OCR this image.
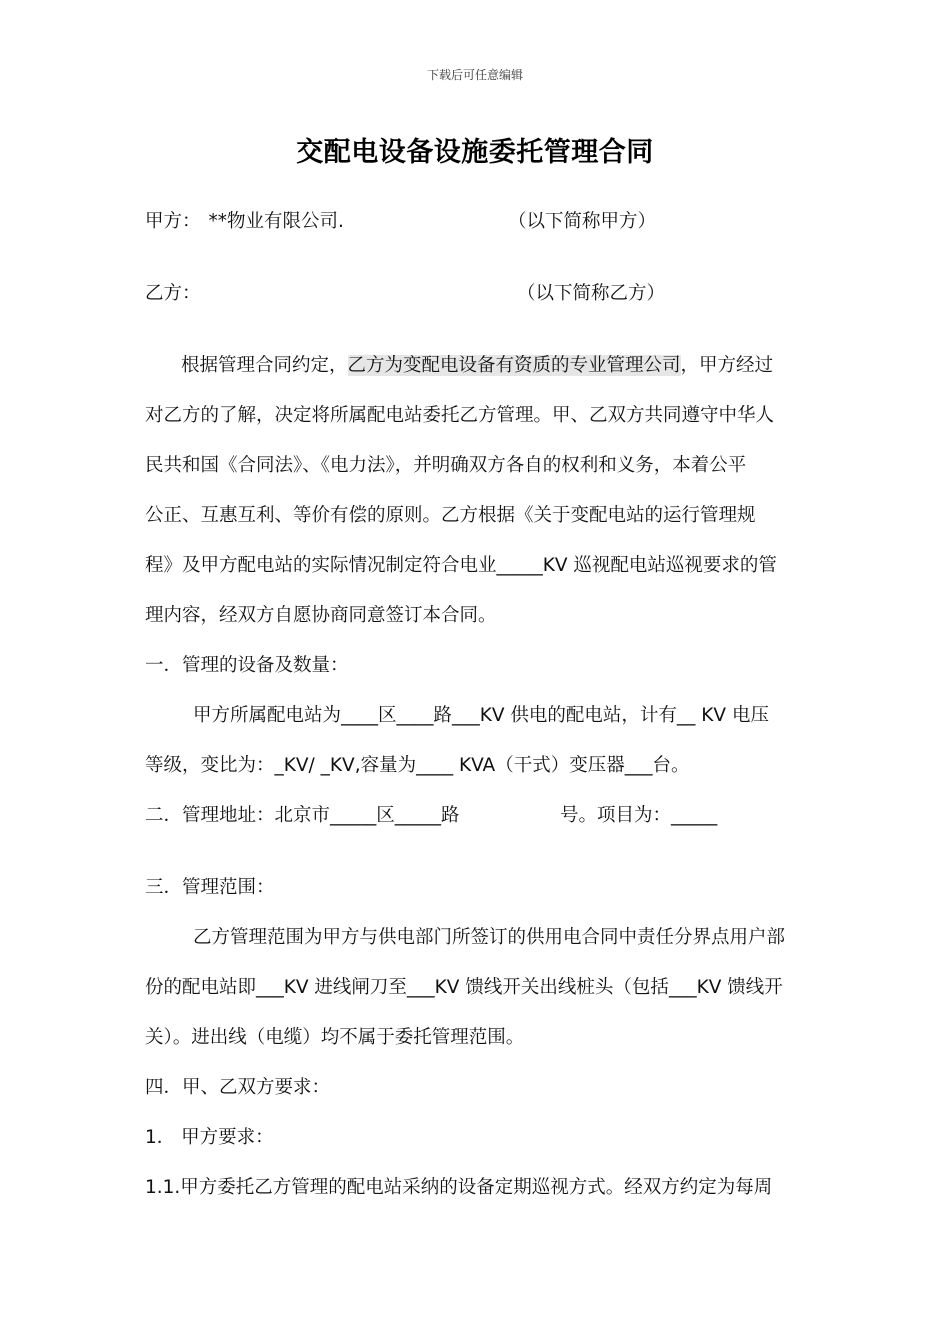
下载后可任意编辑
交配电设备设施委托管理合同
甲方： **物业有限公司.	（以下简称甲方）
乙方：	（以下简称乙方）
根据管理合同约定，乙方为变配电设备有资质的专业管理公司，甲方经过
对乙方的了解，决定将所属配电站委托乙方管理。甲、乙双方共同遵守中华人
民共和国《合同法》、《电力法》，并明确双方各自的权利和义务，本着公平
公正、互惠互利、等价有偿的原则。乙方根据《关于变配电站的运行管理规
程》及甲方配电站的实际情况制定符合电业_____KV 巡视配电站巡视要求的管
理内容，经双方自愿协商同意签订本合同。
一．管理的设备及数量：
甲方所属配电站为____区____路___KV 供电的配电站，计有__ KV 电压
等级，变比为：_KV/ _KV,容量为____ KVA（干式）变压器___台。
二．管理地址：北京市_____区_____路	号。项目为：_____
三．管理范围：
乙方管理范围为甲方与供电部门所签订的供用电合同中责任分界点用户部
份的配电站即___KV 进线闸刀至___KV 馈线开关出线桩头（包括___KV 馈线开
关）。进出线（电缆）均不属于委托管理范围。
四．甲、乙双方要求：
1． 甲方要求：
1.1.甲方委托乙方管理的配电站采纳的设备定期巡视方式。经双方约定为每周
